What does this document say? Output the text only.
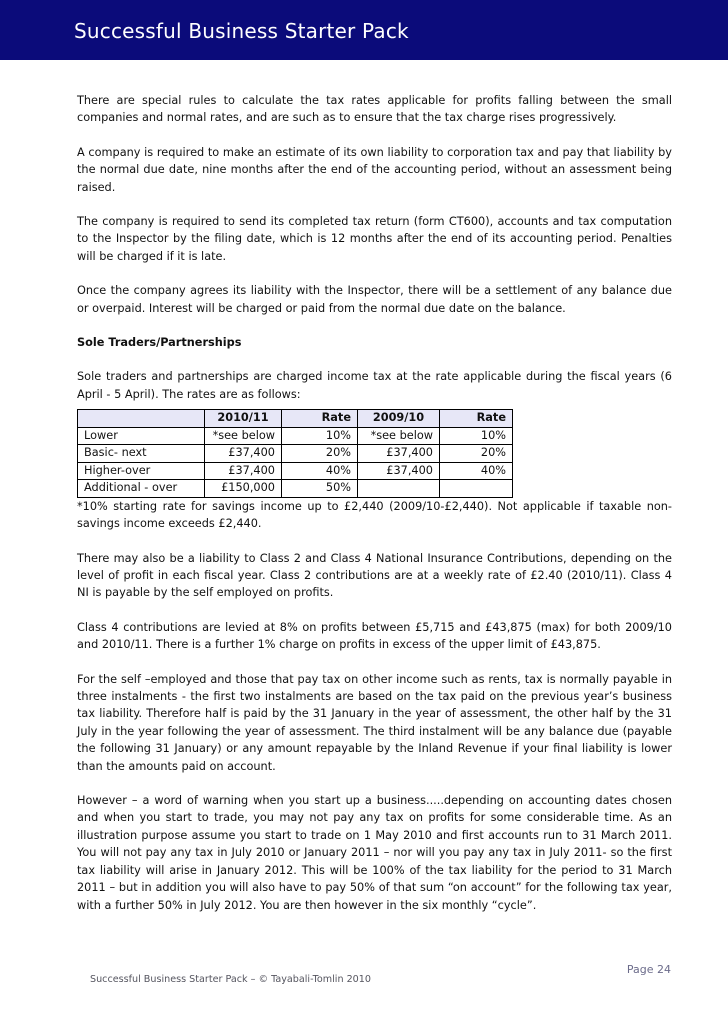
Successful Business Starter Pack

There are special rules to calculate the tax rates applicable for profits falling between the small companies and normal rates, and are such as to ensure that the tax charge rises progressively.

A company is required to make an estimate of its own liability to corporation tax and pay that liability by the normal due date, nine months after the end of the accounting period, without an assessment being raised.

The company is required to send its completed tax return (form CT600), accounts and tax computation to the Inspector by the filing date, which is 12 months after the end of its accounting period. Penalties will be charged if it is late.

Once the company agrees its liability with the Inspector, there will be a settlement of any balance due or overpaid. Interest will be charged or paid from the normal due date on the balance.

Sole Traders/Partnerships

Sole traders and partnerships are charged income tax at the rate applicable during the fiscal years (6 April - 5 April). The rates are as follows:

	2010/11	Rate	2009/10	Rate
Lower	*see below	10%	*see below	10%
Basic- next	£37,400	20%	£37,400	20%
Higher-over	£37,400	40%	£37,400	40%
Additional - over	£150,000	50%		

*10% starting rate for savings income up to £2,440 (2009/10-£2,440). Not applicable if taxable non-savings income exceeds £2,440.

There may also be a liability to Class 2 and Class 4 National Insurance Contributions, depending on the level of profit in each fiscal year. Class 2 contributions are at a weekly rate of £2.40 (2010/11). Class 4 NI is payable by the self employed on profits.

Class 4 contributions are levied at 8% on profits between £5,715 and £43,875 (max) for both 2009/10 and 2010/11. There is a further 1% charge on profits in excess of the upper limit of £43,875.

For the self –employed and those that pay tax on other income such as rents, tax is normally payable in three instalments - the first two instalments are based on the tax paid on the previous year’s business tax liability. Therefore half is paid by the 31 January in the year of assessment, the other half by the 31 July in the year following the year of assessment. The third instalment will be any balance due (payable the following 31 January) or any amount repayable by the Inland Revenue if your final liability is lower than the amounts paid on account.

However – a word of warning when you start up a business.....depending on accounting dates chosen and when you start to trade, you may not pay any tax on profits for some considerable time. As an illustration purpose assume you start to trade on 1 May 2010 and first accounts run to 31 March 2011. You will not pay any tax in July 2010 or January 2011 – nor will you pay any tax in July 2011- so the first tax liability will arise in January 2012. This will be 100% of the tax liability for the period to 31 March 2011 – but in addition you will also have to pay 50% of that sum “on account” for the following tax year, with a further 50% in July 2012. You are then however in the six monthly “cycle”.

Page 24
Successful Business Starter Pack – © Tayabali-Tomlin 2010
